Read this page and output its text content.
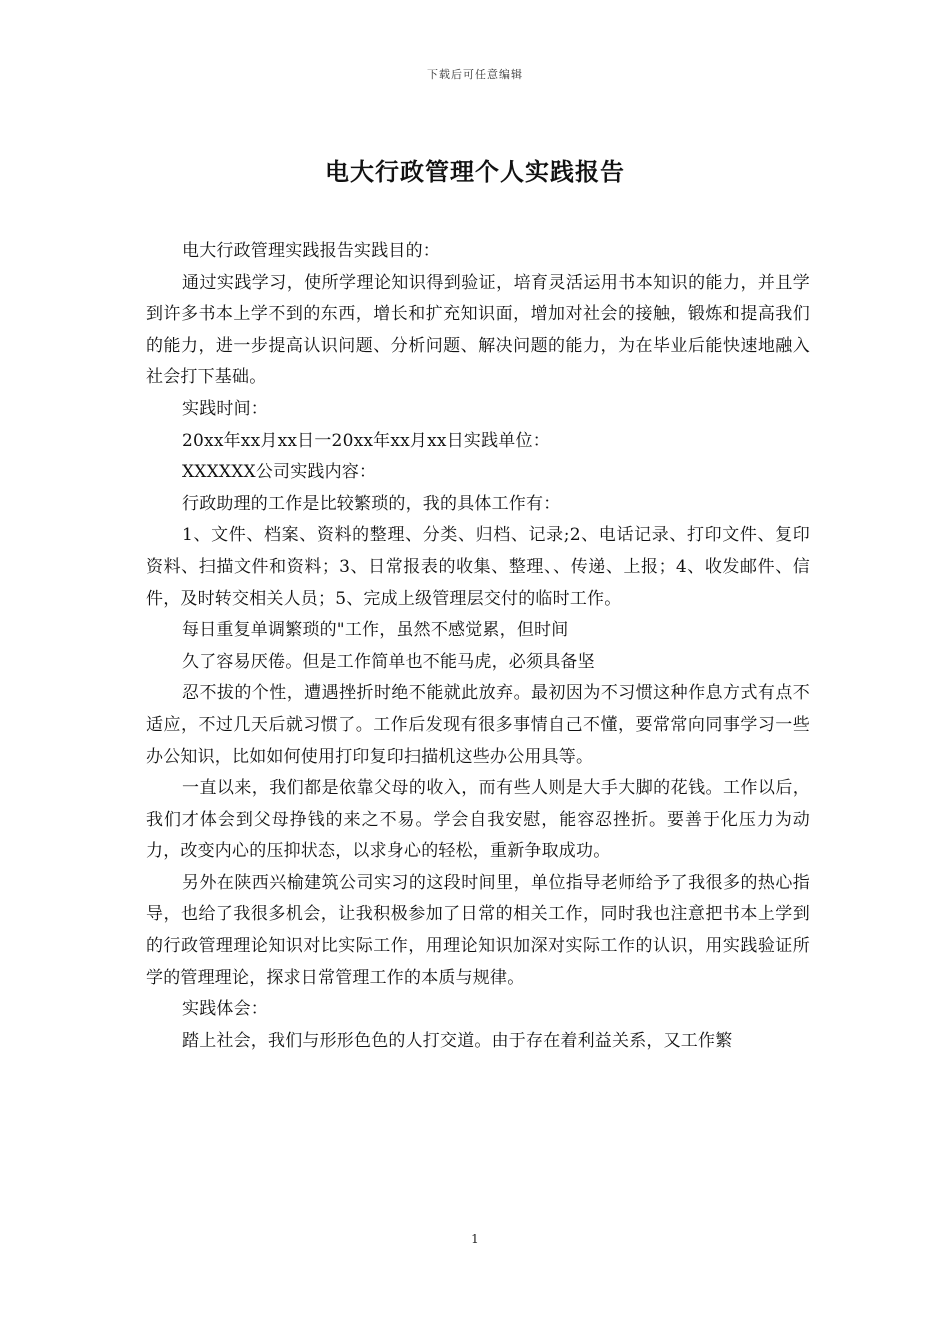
下载后可任意编辑
电大行政管理个人实践报告

电大行政管理实践报告实践目的：

通过实践学习，使所学理论知识得到验证，培育灵活运用书本知识的能力，并且学到许多书本上学不到的东西，增长和扩充知识面，增加对社会的接触，锻炼和提高我们的能力，进一步提高认识问题、分析问题、解决问题的能力，为在毕业后能快速地融入社会打下基础。

实践时间：

20xx年xx月xx日一20xx年xx月xx日实践单位：

XXXXXX公司实践内容：

行政助理的工作是比较繁琐的，我的具体工作有：

1、文件、档案、资料的整理、分类、归档、记录;2、电话记录、打印文件、复印资料、扫描文件和资料；3、日常报表的收集、整理、、传递、上报；4、收发邮件、信件，及时转交相关人员；5、完成上级管理层交付的临时工作。

每日重复单调繁琐的"工作，虽然不感觉累，但时间

久了容易厌倦。但是工作简单也不能马虎，必须具备坚

忍不拔的个性，遭遇挫折时绝不能就此放弃。最初因为不习惯这种作息方式有点不适应，不过几天后就习惯了。工作后发现有很多事情自己不懂，要常常向同事学习一些办公知识，比如如何使用打印复印扫描机这些办公用具等。

一直以来，我们都是依靠父母的收入，而有些人则是大手大脚的花钱。工作以后，我们才体会到父母挣钱的来之不易。学会自我安慰，能容忍挫折。要善于化压力为动力，改变内心的压抑状态，以求身心的轻松，重新争取成功。

另外在陕西兴榆建筑公司实习的这段时间里，单位指导老师给予了我很多的热心指导，也给了我很多机会，让我积极参加了日常的相关工作，同时我也注意把书本上学到的行政管理理论知识对比实际工作，用理论知识加深对实际工作的认识，用实践验证所学的管理理论，探求日常管理工作的本质与规律。

实践体会：

踏上社会，我们与形形色色的人打交道。由于存在着利益关系，又工作繁

1
